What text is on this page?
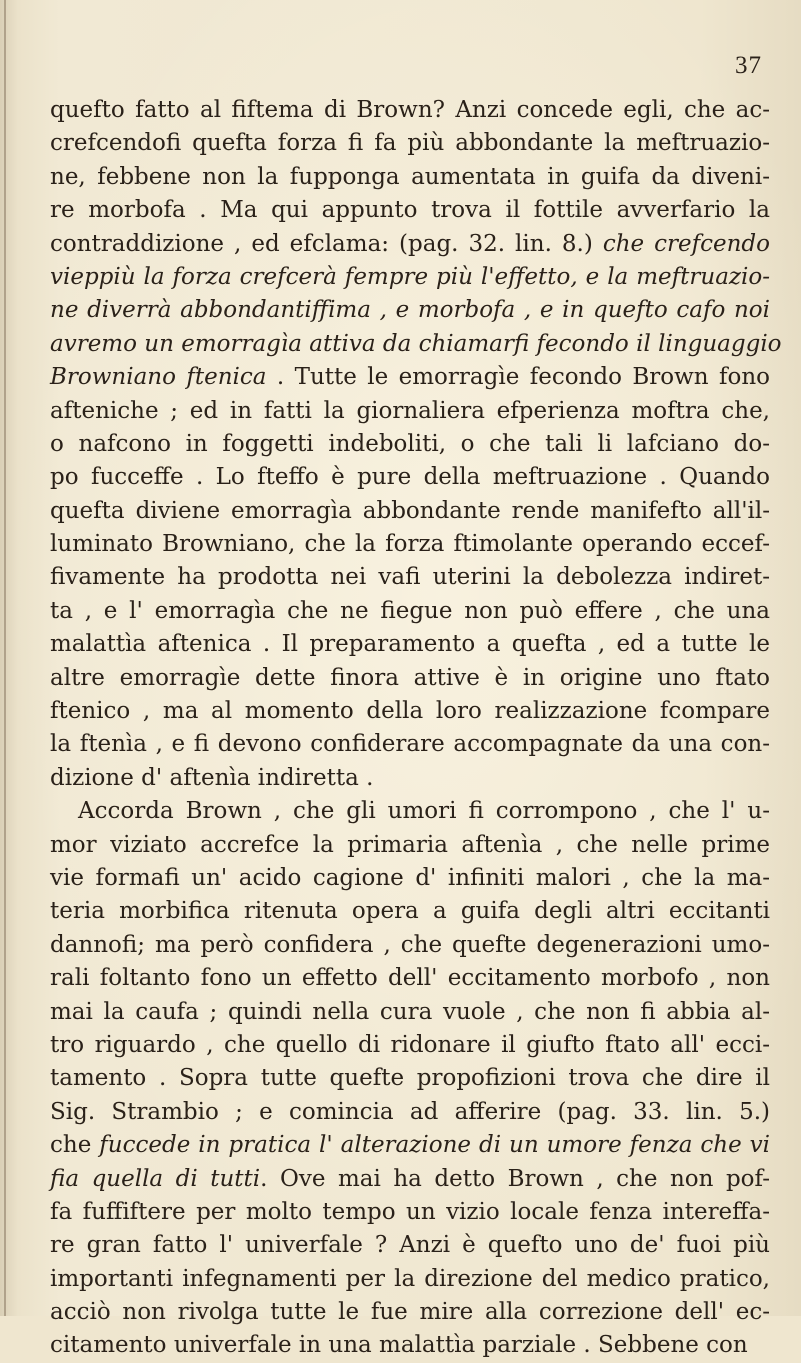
37
quefto fatto al fiftema di Brown? Anzi concede egli, che ac-
crefcendofi quefta forza fi fa più abbondante la meftruazio-
ne, febbene non la fupponga aumentata in guifa da diveni-
re morbofa . Ma qui appunto trova il fottile avverfario la
contraddizione , ed efclama: (pag. 32. lin. 8.) che crefcendo
vieppiù la forza crefcerà fempre più l'effetto, e la meftruazio-
ne diverrà abbondantiffima , e morbofa , e in quefto cafo noi
avremo un emorragìa attiva da chiamarfi fecondo il linguaggio
Browniano ftenica . Tutte le emorragìe fecondo Brown fono
afteniche ; ed in fatti la giornaliera efperienza moftra che,
o nafcono in foggetti indeboliti, o che tali li lafciano do-
po fucceffe . Lo fteffo è pure della meftruazione . Quando
quefta diviene emorragìa abbondante rende manifefto all'il-
luminato Browniano, che la forza ftimolante operando eccef-
fivamente ha prodotta nei vafi uterini la debolezza indiret-
ta , e l' emorragìa che ne fiegue non può effere , che una
malattìa aftenica . Il preparamento a quefta , ed a tutte le
altre emorragìe dette finora attive è in origine uno ftato
ftenico , ma al momento della loro realizzazione fcompare
la ftenìa , e fi devono confiderare accompagnate da una con-
dizione d' aftenìa indiretta .
Accorda Brown , che gli umori fi corrompono , che l' u-
mor viziato accrefce la primaria aftenìa , che nelle prime
vie formafi un' acido cagione d' infiniti malori , che la ma-
teria morbifica ritenuta opera a guifa degli altri eccitanti
dannofi; ma però confidera , che quefte degenerazioni umo-
rali foltanto fono un effetto dell' eccitamento morbofo , non
mai la caufa ; quindi nella cura vuole , che non fi abbia al-
tro riguardo , che quello di ridonare il giufto ftato all' ecci-
tamento . Sopra tutte quefte propofizioni trova che dire il
Sig. Strambio ; e comincia ad afferire (pag. 33. lin. 5.)
che fuccede in pratica l' alterazione di un umore fenza che vi
fia quella di tutti. Ove mai ha detto Brown , che non pof-
fa fuffiftere per molto tempo un vizio locale fenza intereffa-
re gran fatto l' univerfale ? Anzi è quefto uno de' fuoi più
importanti infegnamenti per la direzione del medico pratico,
acciò non rivolga tutte le fue mire alla correzione dell' ec-
citamento univerfale in una malattìa parziale . Sebbene con
